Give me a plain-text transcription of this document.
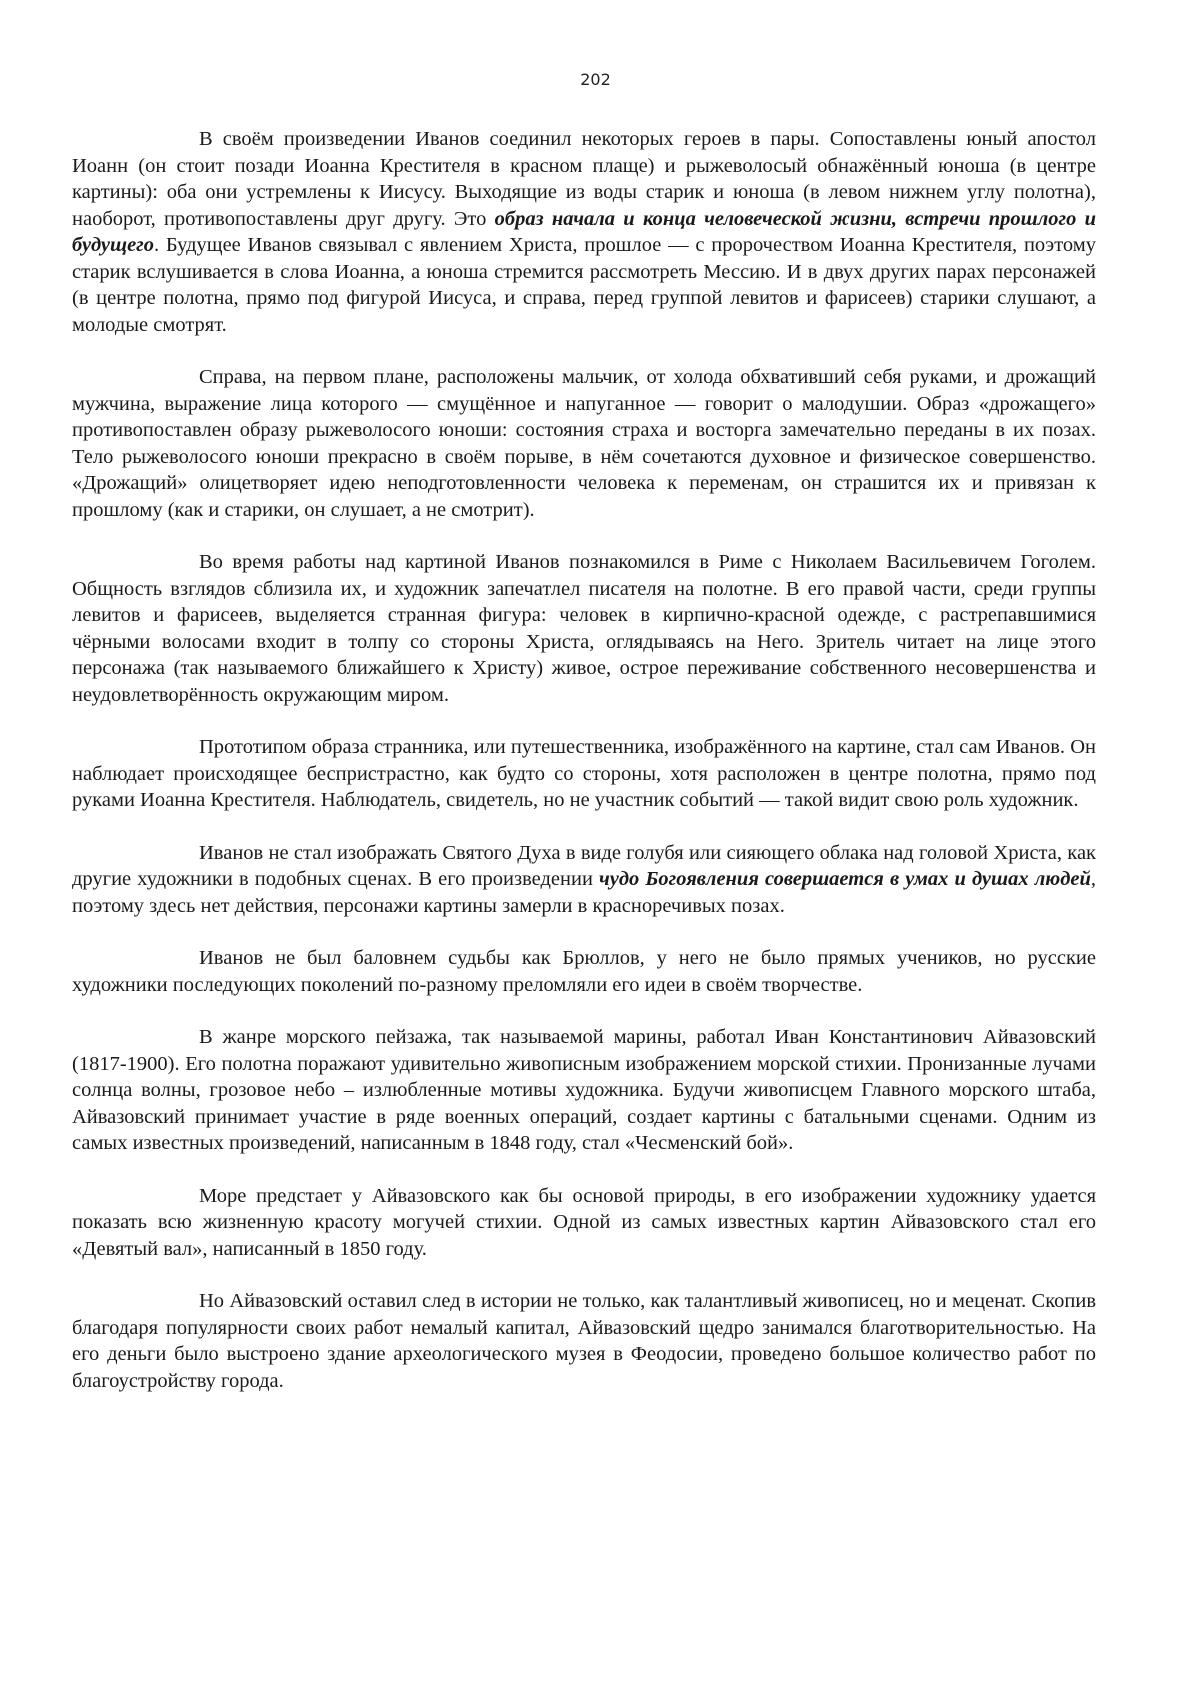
202

В своём произведении Иванов соединил некоторых героев в пары. Сопоставлены юный апостол Иоанн (он стоит позади Иоанна Крестителя в красном плаще) и рыжеволосый обнажённый юноша (в центре картины): оба они устремлены к Иисусу. Выходящие из воды старик и юноша (в левом нижнем углу полотна), наоборот, противопоставлены друг другу. Это образ начала и конца человеческой жизни, встречи прошлого и будущего. Будущее Иванов связывал с явлением Христа, прошлое — с пророчеством Иоанна Крестителя, поэтому старик вслушивается в слова Иоанна, а юноша стремится рассмотреть Мессию. И в двух других парах персонажей (в центре полотна, прямо под фигурой Иисуса, и справа, перед группой левитов и фарисеев) старики слушают, а молодые смотрят.

Справа, на первом плане, расположены мальчик, от холода обхвативший себя руками, и дрожащий мужчина, выражение лица которого — смущённое и напуганное — говорит о малодушии. Образ «дрожащего» противопоставлен образу рыжеволосого юноши: состояния страха и восторга замечательно переданы в их позах. Тело рыжеволосого юноши прекрасно в своём порыве, в нём сочетаются духовное и физическое совершенство. «Дрожащий» олицетворяет идею неподготовленности человека к переменам, он страшится их и привязан к прошлому (как и старики, он слушает, а не смотрит).

Во время работы над картиной Иванов познакомился в Риме с Николаем Васильевичем Гоголем. Общность взглядов сблизила их, и художник запечатлел писателя на полотне. В его правой части, среди группы левитов и фарисеев, выделяется странная фигура: человек в кирпично-красной одежде, с растрепавшимися чёрными волосами входит в толпу со стороны Христа, оглядываясь на Него. Зритель читает на лице этого персонажа (так называемого ближайшего к Христу) живое, острое переживание собственного несовершенства и неудовлетворённость окружающим миром.

Прототипом образа странника, или путешественника, изображённого на картине, стал сам Иванов. Он наблюдает происходящее беспристрастно, как будто со стороны, хотя расположен в центре полотна, прямо под руками Иоанна Крестителя. Наблюдатель, свидетель, но не участник событий — такой видит свою роль художник.

Иванов не стал изображать Святого Духа в виде голубя или сияющего облака над головой Христа, как другие художники в подобных сценах. В его произведении чудо Богоявления совершается в умах и душах людей, поэтому здесь нет действия, персонажи картины замерли в красноречивых позах.

Иванов не был баловнем судьбы как Брюллов, у него не было прямых учеников, но русские художники последующих поколений по-разному преломляли его идеи в своём творчестве.

В жанре морского пейзажа, так называемой марины, работал Иван Константинович Айвазовский (1817-1900). Его полотна поражают удивительно живописным изображением морской стихии. Пронизанные лучами солнца волны, грозовое небо – излюбленные мотивы художника. Будучи живописцем Главного морского штаба, Айвазовский принимает участие в ряде военных операций, создает картины с батальными сценами. Одним из самых известных произведений, написанным в 1848 году, стал «Чесменский бой».

Море предстает у Айвазовского как бы основой природы, в его изображении художнику удается показать всю жизненную красоту могучей стихии. Одной из самых известных картин Айвазовского стал его «Девятый вал», написанный в 1850 году.

Но Айвазовский оставил след в истории не только, как талантливый живописец, но и меценат. Скопив благодаря популярности своих работ немалый капитал, Айвазовский щедро занимался благотворительностью. На его деньги было выстроено здание археологического музея в Феодосии, проведено большое количество работ по благоустройству города.
